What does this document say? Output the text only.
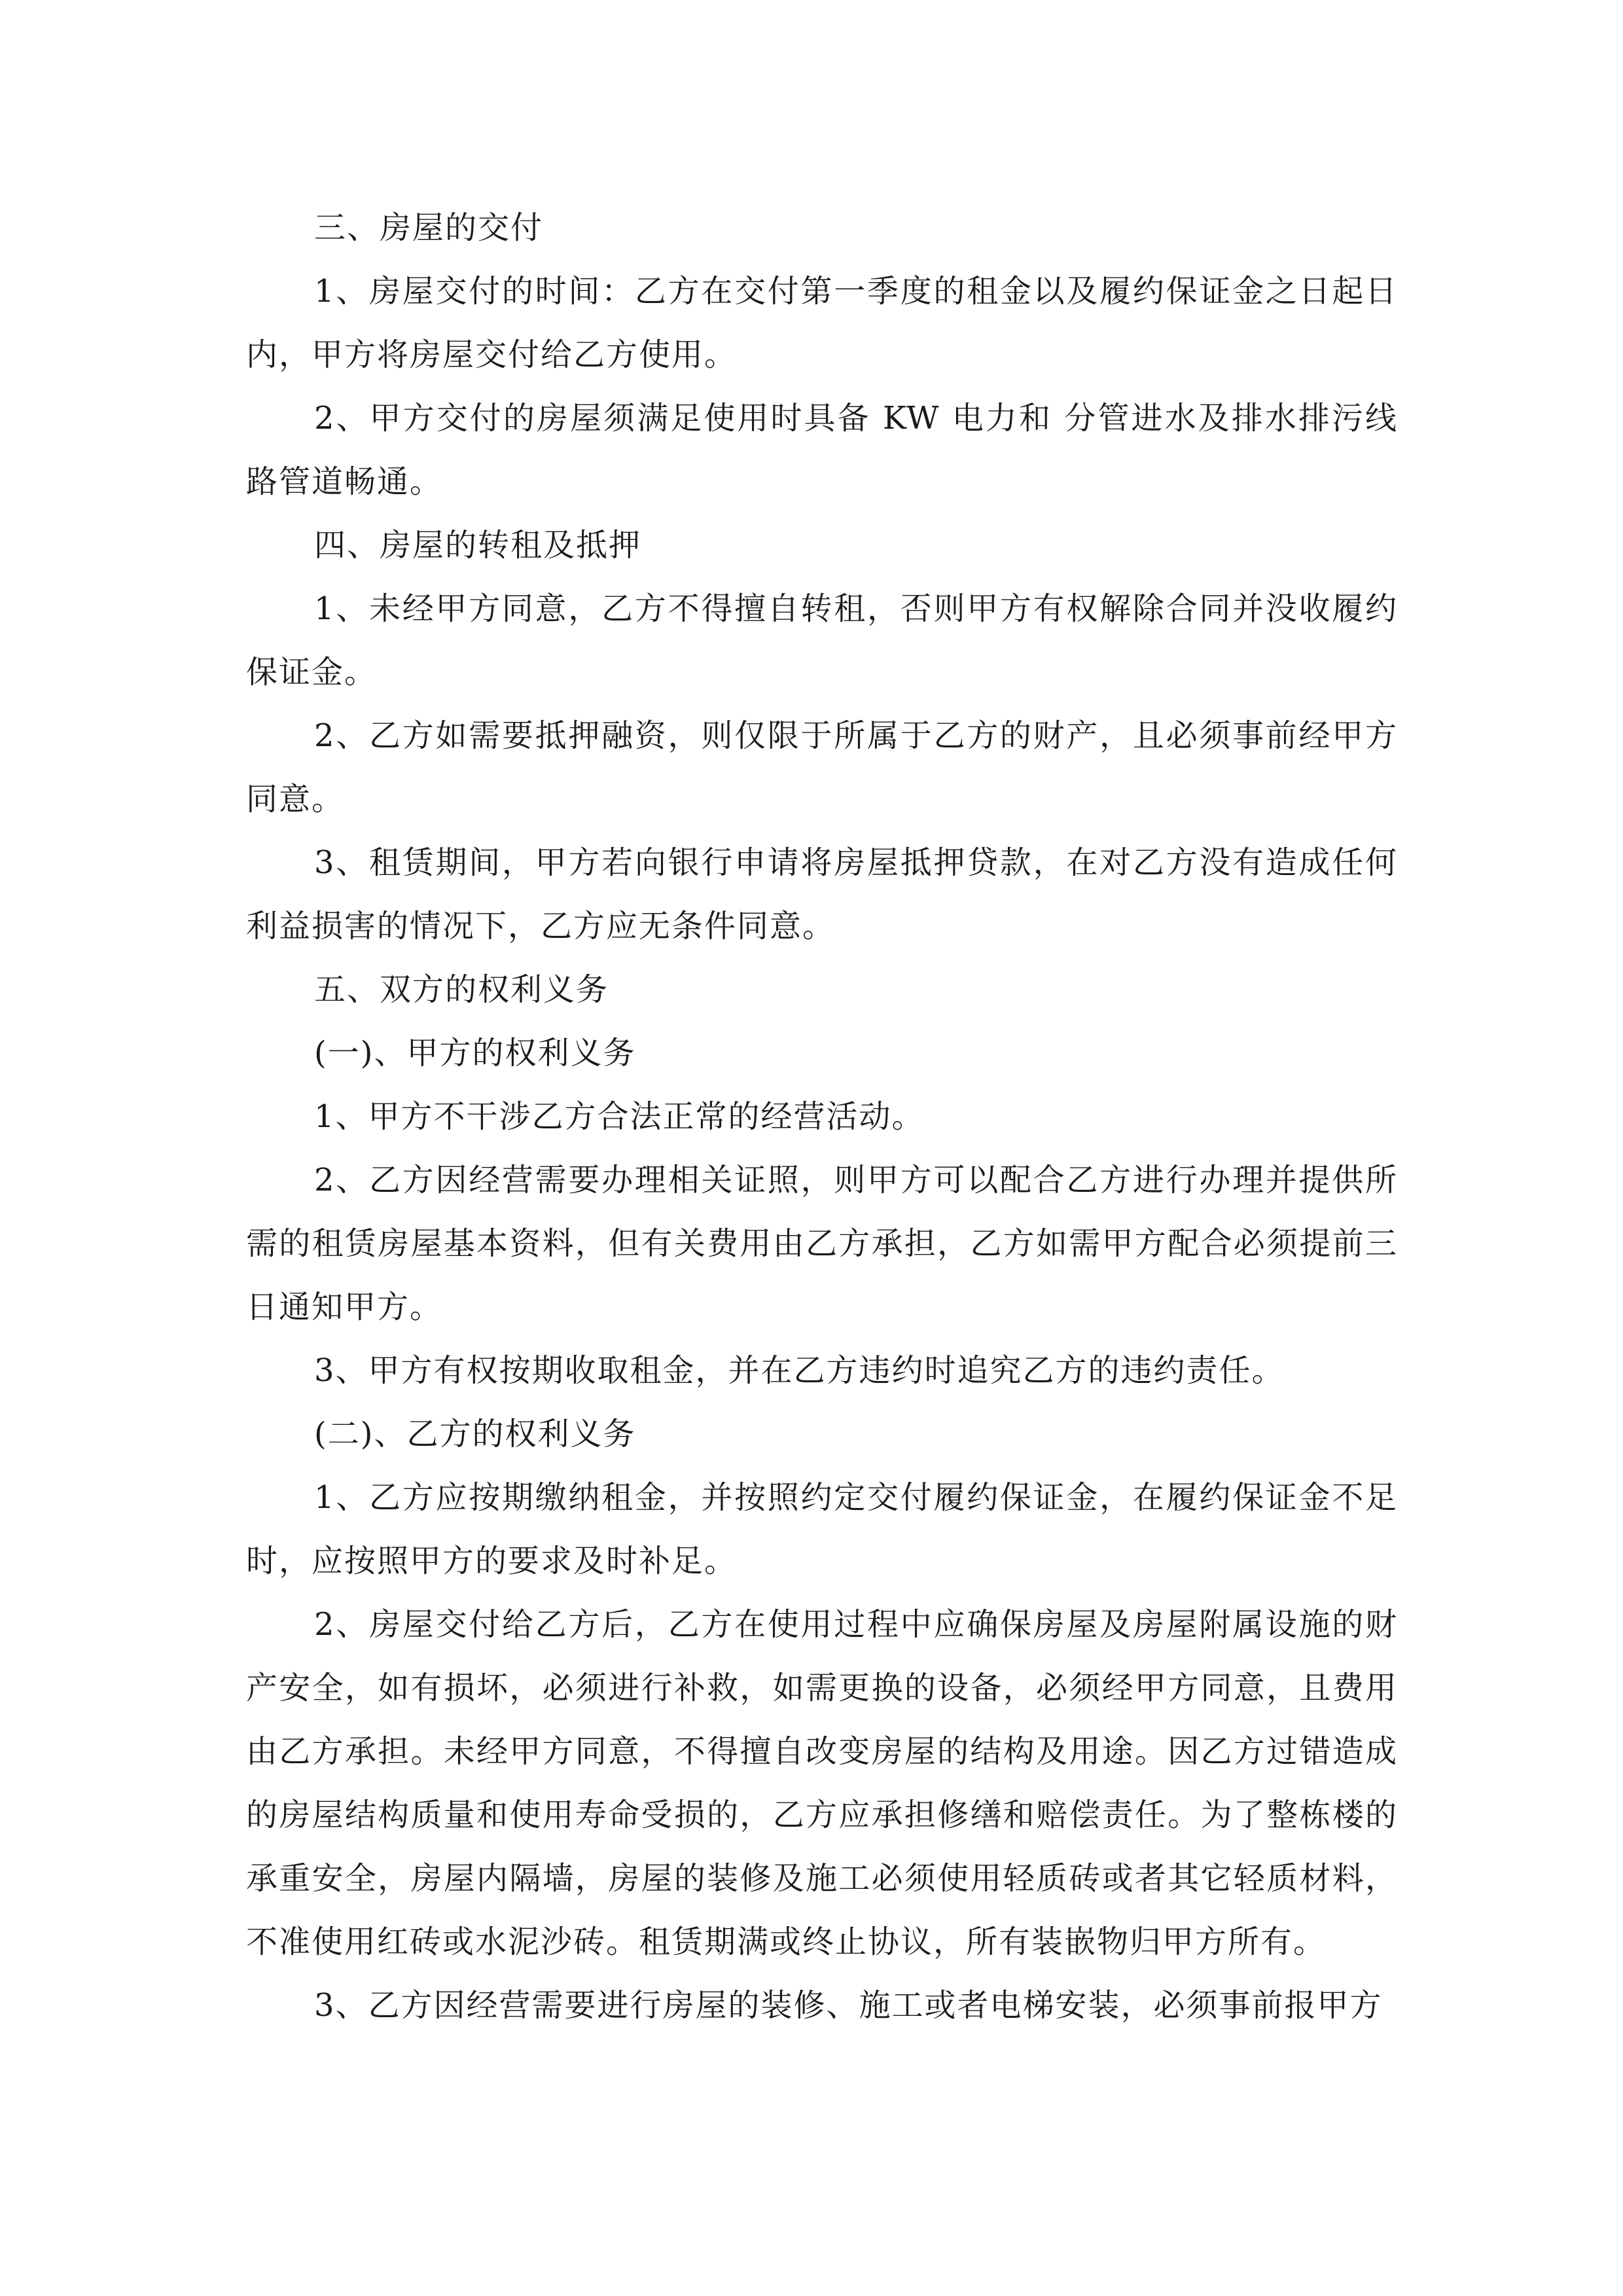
三、房屋的交付

1、房屋交付的时间：乙方在交付第一季度的租金以及履约保证金之日起日内，甲方将房屋交付给乙方使用。

2、甲方交付的房屋须满足使用时具备 KW 电力和 分管进水及排水排污线路管道畅通。

四、房屋的转租及抵押

1、未经甲方同意，乙方不得擅自转租，否则甲方有权解除合同并没收履约保证金。

2、乙方如需要抵押融资，则仅限于所属于乙方的财产，且必须事前经甲方同意。

3、租赁期间，甲方若向银行申请将房屋抵押贷款，在对乙方没有造成任何利益损害的情况下，乙方应无条件同意。

五、双方的权利义务

(一)、甲方的权利义务

1、甲方不干涉乙方合法正常的经营活动。

2、乙方因经营需要办理相关证照，则甲方可以配合乙方进行办理并提供所需的租赁房屋基本资料，但有关费用由乙方承担，乙方如需甲方配合必须提前三日通知甲方。

3、甲方有权按期收取租金，并在乙方违约时追究乙方的违约责任。

(二)、乙方的权利义务

1、乙方应按期缴纳租金，并按照约定交付履约保证金，在履约保证金不足时，应按照甲方的要求及时补足。

2、房屋交付给乙方后，乙方在使用过程中应确保房屋及房屋附属设施的财产安全，如有损坏，必须进行补救，如需更换的设备，必须经甲方同意，且费用由乙方承担。未经甲方同意，不得擅自改变房屋的结构及用途。因乙方过错造成的房屋结构质量和使用寿命受损的，乙方应承担修缮和赔偿责任。为了整栋楼的承重安全，房屋内隔墙，房屋的装修及施工必须使用轻质砖或者其它轻质材料，不准使用红砖或水泥沙砖。租赁期满或终止协议，所有装嵌物归甲方所有。

3、乙方因经营需要进行房屋的装修、施工或者电梯安装，必须事前报甲方
